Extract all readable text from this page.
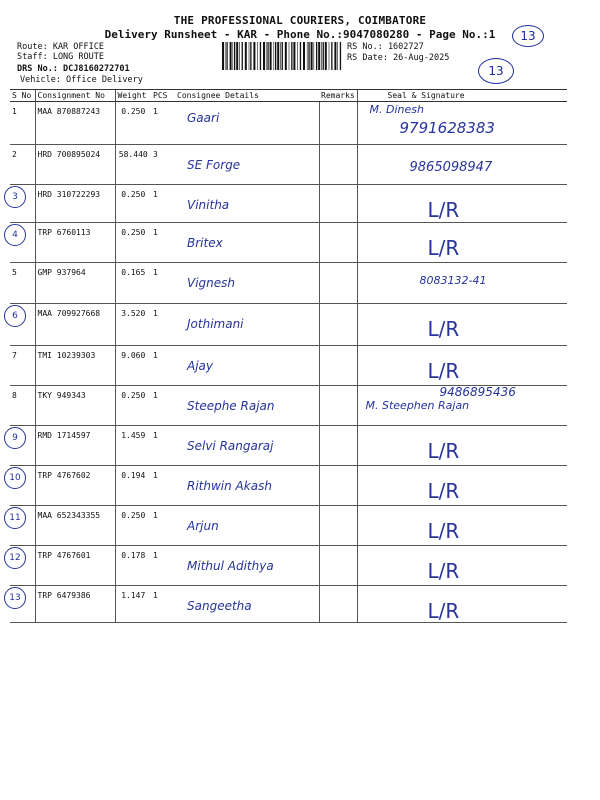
THE PROFESSIONAL COURIERS, COIMBATORE
Delivery Runsheet - KAR - Phone No.:9047080280 - Page No.:1
Route: KAR OFFICE
Staff: LONG ROUTE
DRS No.: DCJ8160272701
Vehicle: Office Delivery
RS No.: 1602727
RS Date: 26-Aug-2025
13
13
S No	Consignment No	Weight	PCS	Consignee Details	Remarks	Seal & Signature

1	MAA 870887243	0.250	1	Gaari		M. Dinesh
9791628383

2	HRD 700895024	58.440	3	SE Forge		9865098947

3	HRD 310722293	0.250	1	Vinitha		L/R

4	TRP 6760113	0.250	1	Britex		L/R

5	GMP 937964	0.165	1	Vignesh		8083132-41

6	MAA 709927668	3.520	1	Jothimani		L/R

7	TMI 10239303	9.060	1	Ajay		L/R

8	TKY 949343	0.250	1	Steephe Rajan		9486895436
M. Steephen Rajan

9	RMD 1714597	1.459	1	Selvi Rangaraj		L/R

10	TRP 4767602	0.194	1	Rithwin Akash		L/R

11	MAA 652343355	0.250	1	Arjun		L/R

12	TRP 4767601	0.178	1	Mithul Adithya		L/R

13	TRP 6479386	1.147	1	Sangeetha		L/R
